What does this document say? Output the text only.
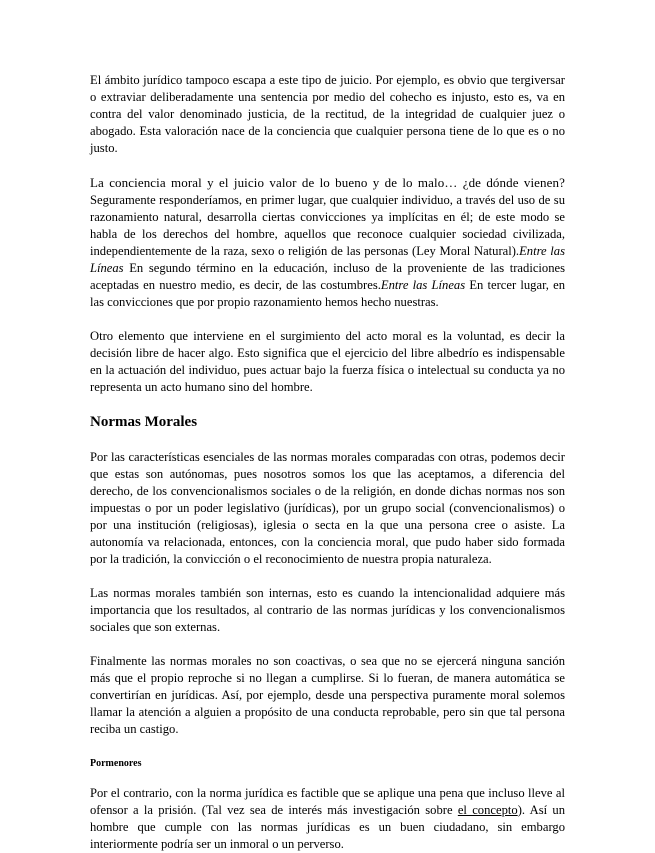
El ámbito jurídico tampoco escapa a este tipo de juicio. Por ejemplo, es obvio que tergiversar o extraviar deliberadamente una sentencia por medio del cohecho es injusto, esto es, va en contra del valor denominado justicia, de la rectitud, de la integridad de cualquier juez o abogado. Esta valoración nace de la conciencia que cualquier persona tiene de lo que es o no justo.

La conciencia moral y el juicio valor de lo bueno y de lo malo… ¿de dónde vienen? Seguramente responderíamos, en primer lugar, que cualquier individuo, a través del uso de su razonamiento natural, desarrolla ciertas convicciones ya implícitas en él; de este modo se habla de los derechos del hombre, aquellos que reconoce cualquier sociedad civilizada, independientemente de la raza, sexo o religión de las personas (Ley Moral Natural).Entre las Líneas En segundo término en la educación, incluso de la proveniente de las tradiciones aceptadas en nuestro medio, es decir, de las costumbres.Entre las Líneas En tercer lugar, en las convicciones que por propio razonamiento hemos hecho nuestras.

Otro elemento que interviene en el surgimiento del acto moral es la voluntad, es decir la decisión libre de hacer algo. Esto significa que el ejercicio del libre albedrío es indispensable en la actuación del individuo, pues actuar bajo la fuerza física o intelectual su conducta ya no representa un acto humano sino del hombre.

Normas Morales

Por las características esenciales de las normas morales comparadas con otras, podemos decir que estas son autónomas, pues nosotros somos los que las aceptamos, a diferencia del derecho, de los convencionalismos sociales o de la religión, en donde dichas normas nos son impuestas o por un poder legislativo (jurídicas), por un grupo social (convencionalismos) o por una institución (religiosas), iglesia o secta en la que una persona cree o asiste. La autonomía va relacionada, entonces, con la conciencia moral, que pudo haber sido formada por la tradición, la convicción o el reconocimiento de nuestra propia naturaleza.

Las normas morales también son internas, esto es cuando la intencionalidad adquiere más importancia que los resultados, al contrario de las normas jurídicas y los convencionalismos sociales que son externas.

Finalmente las normas morales no son coactivas, o sea que no se ejercerá ninguna sanción más que el propio reproche si no llegan a cumplirse. Si lo fueran, de manera automática se convertirían en jurídicas. Así, por ejemplo, desde una perspectiva puramente moral solemos llamar la atención a alguien a propósito de una conducta reprobable, pero sin que tal persona reciba un castigo.

Pormenores

Por el contrario, con la norma jurídica es factible que se aplique una pena que incluso lleve al ofensor a la prisión. (Tal vez sea de interés más investigación sobre el concepto). Así un hombre que cumple con las normas jurídicas es un buen ciudadano, sin embargo interiormente podría ser un inmoral o un perverso.
